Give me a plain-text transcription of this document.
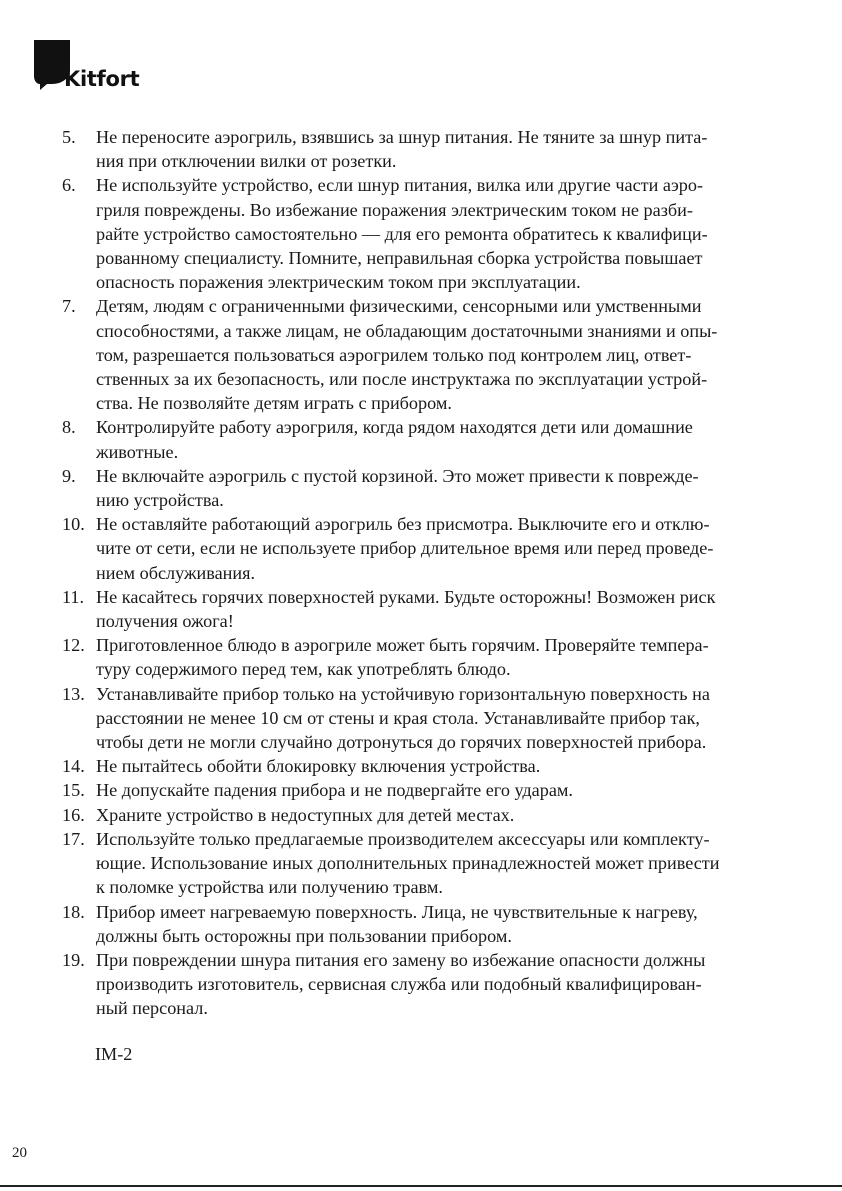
Kitfort
5.	Не переносите аэрогриль, взявшись за шнур питания. Не тяните за шнур пита-
ния при отключении вилки от розетки.
6.	Не используйте устройство, если шнур питания, вилка или другие части аэро-
гриля повреждены. Во избежание поражения электрическим током не разби-
райте устройство самостоятельно — для его ремонта обратитесь к квалифици-
рованному специалисту. Помните, неправильная сборка устройства повышает
опасность поражения электрическим током при эксплуатации.
7.	Детям, людям с ограниченными физическими, сенсорными или умственными
способностями, а также лицам, не обладающим достаточными знаниями и опы-
том, разрешается пользоваться аэрогрилем только под контролем лиц, ответ-
ственных за их безопасность, или после инструктажа по эксплуатации устрой-
ства. Не позволяйте детям играть с прибором.
8.	Контролируйте работу аэрогриля, когда рядом находятся дети или домашние
животные.
9.	Не включайте аэрогриль с пустой корзиной. Это может привести к поврежде-
нию устройства.
10. Не оставляйте работающий аэрогриль без присмотра. Выключите его и отклю-
чите от сети, если не используете прибор длительное время или перед проведе-
нием обслуживания.
11. Не касайтесь горячих поверхностей руками. Будьте осторожны! Возможен риск
получения ожога!
12. Приготовленное блюдо в аэрогриле может быть горячим. Проверяйте темпера-
туру содержимого перед тем, как употреблять блюдо.
13. Устанавливайте прибор только на устойчивую горизонтальную поверхность на
расстоянии не менее 10 см от стены и края стола. Устанавливайте прибор так,
чтобы дети не могли случайно дотронуться до горячих поверхностей прибора.
14. Не пытайтесь обойти блокировку включения устройства.
15. Не допускайте падения прибора и не подвергайте его ударам.
16. Храните устройство в недоступных для детей местах.
17. Используйте только предлагаемые производителем аксессуары или комплекту-
ющие. Использование иных дополнительных принадлежностей может привести
к поломке устройства или получению травм.
18. Прибор имеет нагреваемую поверхность. Лица, не чувствительные к нагреву,
должны быть осторожны при пользовании прибором.
19. При повреждении шнура питания его замену во избежание опасности должны
производить изготовитель, сервисная служба или подобный квалифицирован-
ный персонал.
IM-2
20
